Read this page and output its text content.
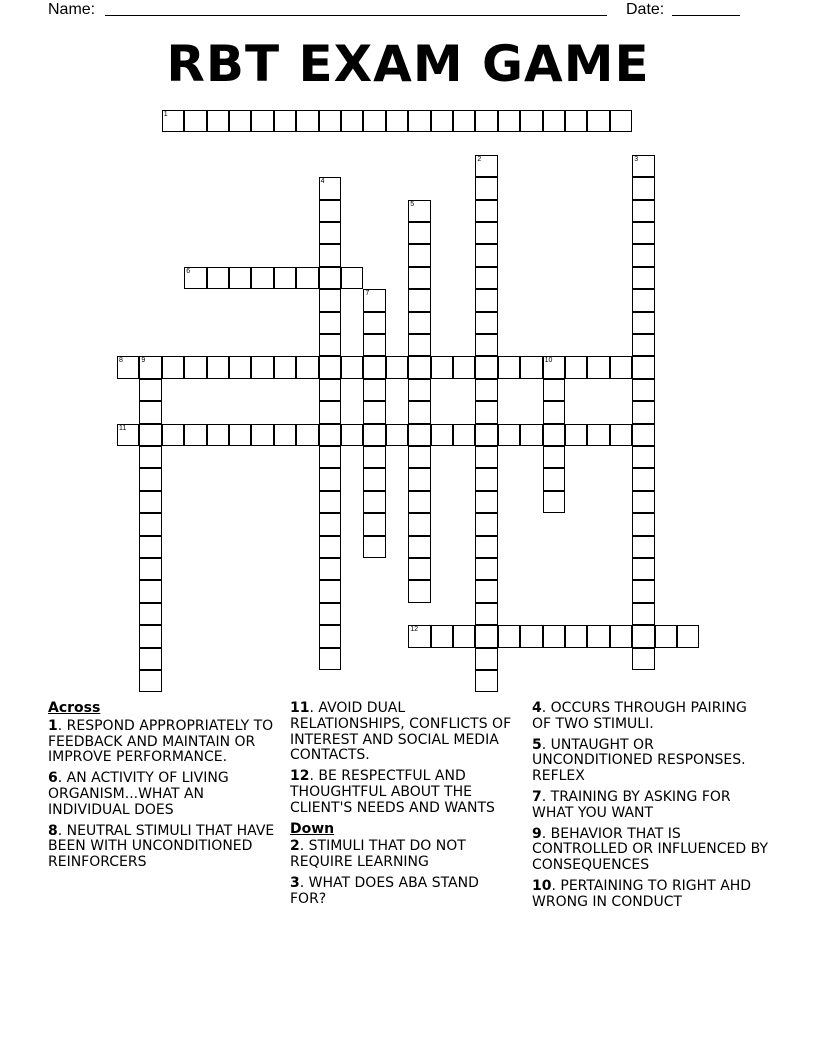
Name:	Date:
RBT EXAM GAME
1
2	3
4
5
6
7
8	9	10
11
12
Across
1. RESPOND APPROPRIATELY TO FEEDBACK AND MAINTAIN OR IMPROVE PERFORMANCE.
6. AN ACTIVITY OF LIVING ORGANISM...WHAT AN INDIVIDUAL DOES
8. NEUTRAL STIMULI THAT HAVE BEEN WITH UNCONDITIONED REINFORCERS
11. AVOID DUAL RELATIONSHIPS, CONFLICTS OF INTEREST AND SOCIAL MEDIA CONTACTS.
12. BE RESPECTFUL AND THOUGHTFUL ABOUT THE CLIENT'S NEEDS AND WANTS
Down
2. STIMULI THAT DO NOT REQUIRE LEARNING
3. WHAT DOES ABA STAND FOR?
4. OCCURS THROUGH PAIRING OF TWO STIMULI.
5. UNTAUGHT OR UNCONDITIONED RESPONSES. REFLEX
7. TRAINING BY ASKING FOR WHAT YOU WANT
9. BEHAVIOR THAT IS CONTROLLED OR INFLUENCED BY CONSEQUENCES
10. PERTAINING TO RIGHT AHD WRONG IN CONDUCT
